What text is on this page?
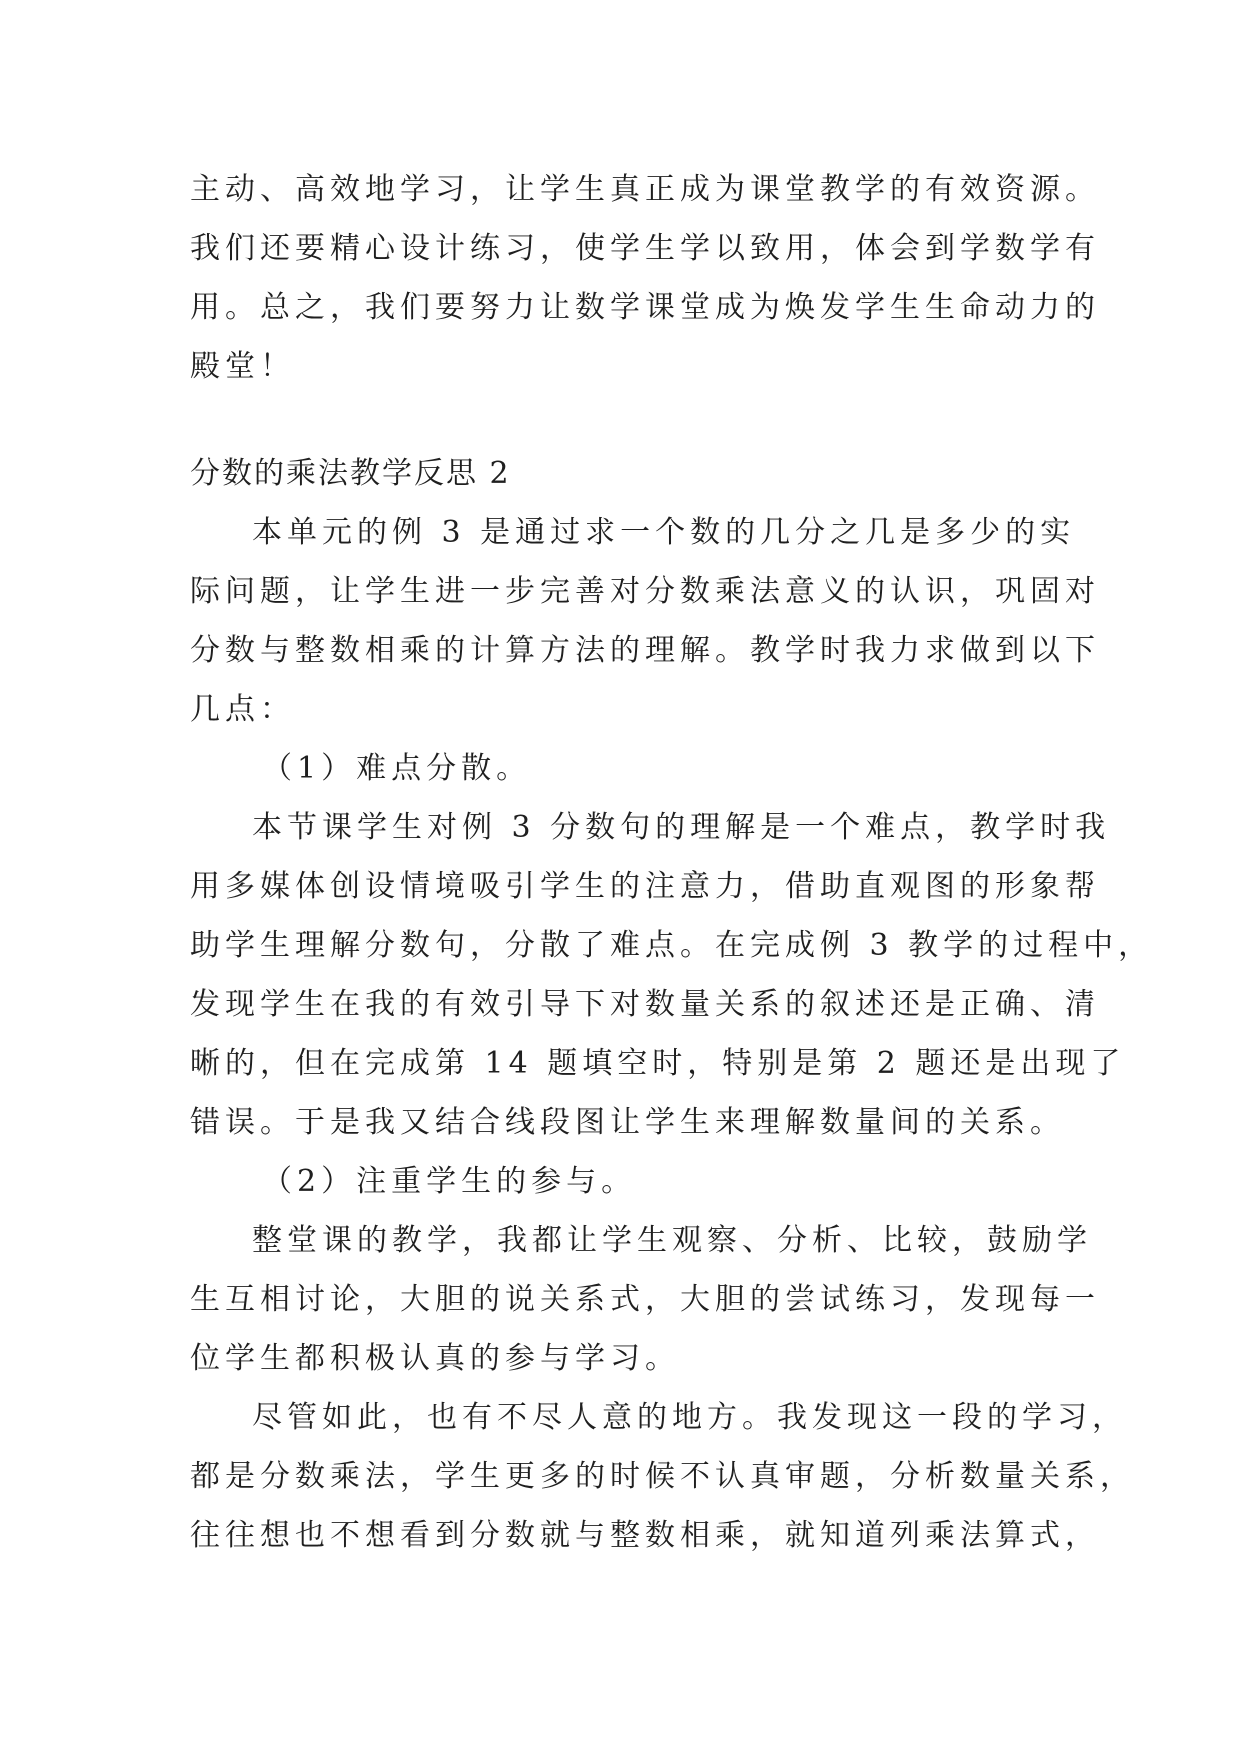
主动、高效地学习，让学生真正成为课堂教学的有效资源。
我们还要精心设计练习，使学生学以致用，体会到学数学有
用。总之，我们要努力让数学课堂成为焕发学生生命动力的
殿堂！
分数的乘法教学反思 2
本单元的例 3 是通过求一个数的几分之几是多少的实
际问题，让学生进一步完善对分数乘法意义的认识，巩固对
分数与整数相乘的计算方法的理解。教学时我力求做到以下
几点：
（1）难点分散。
本节课学生对例 3 分数句的理解是一个难点，教学时我
用多媒体创设情境吸引学生的注意力，借助直观图的形象帮
助学生理解分数句，分散了难点。在完成例 3 教学的过程中，
发现学生在我的有效引导下对数量关系的叙述还是正确、清
晰的，但在完成第 14 题填空时，特别是第 2 题还是出现了
错误。于是我又结合线段图让学生来理解数量间的关系。
（2）注重学生的参与。
整堂课的教学，我都让学生观察、分析、比较，鼓励学
生互相讨论，大胆的说关系式，大胆的尝试练习，发现每一
位学生都积极认真的参与学习。
尽管如此，也有不尽人意的地方。我发现这一段的学习，
都是分数乘法，学生更多的时候不认真审题，分析数量关系，
往往想也不想看到分数就与整数相乘，就知道列乘法算式，
